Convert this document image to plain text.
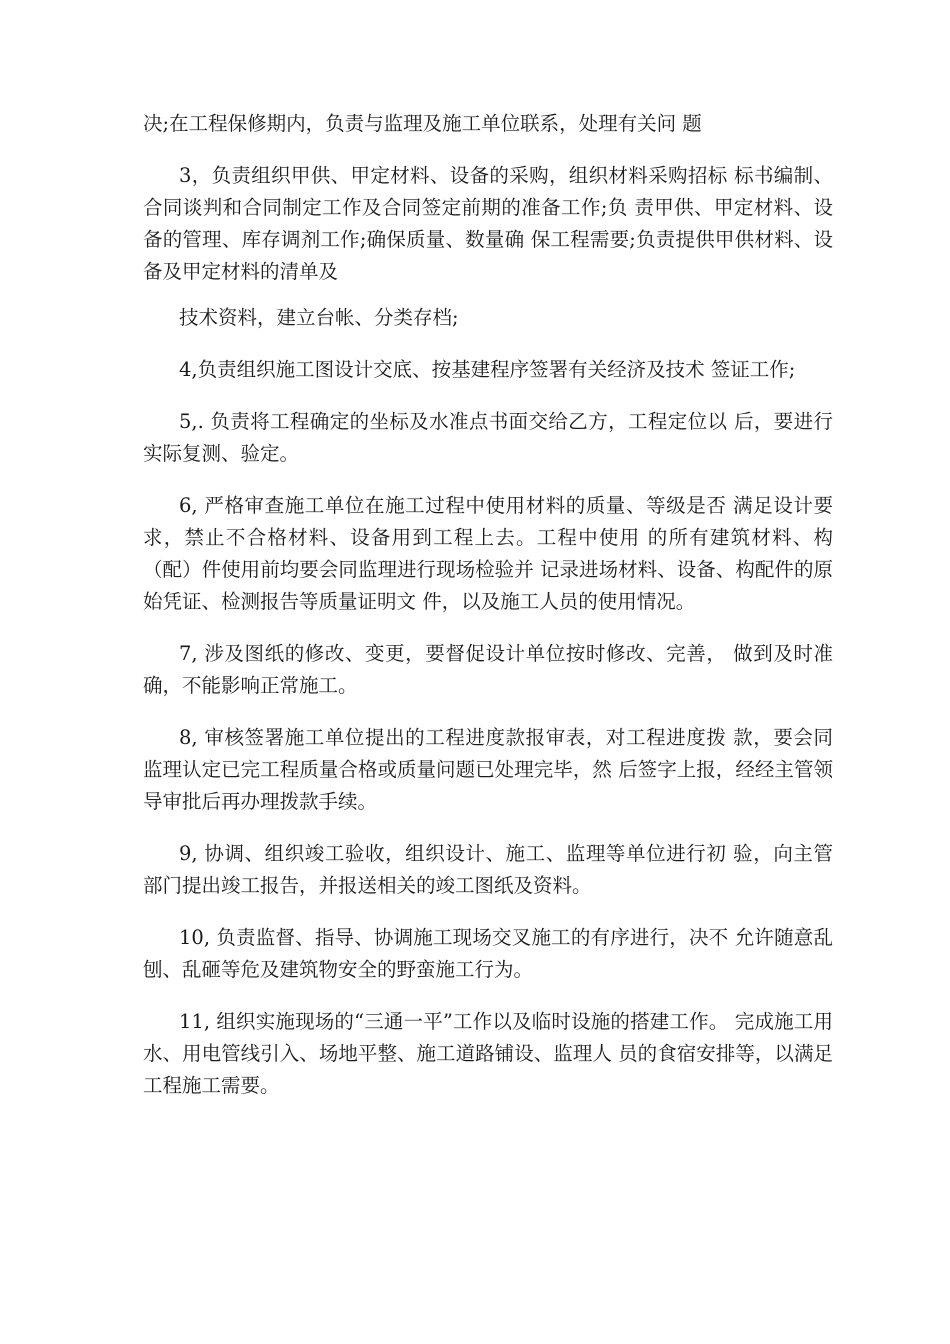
决;在工程保修期内，负责与监理及施工单位联系，处理有关问 题

3，负责组织甲供、甲定材料、设备的采购，组织材料采购招标 标书编制、合同谈判和合同制定工作及合同签定前期的准备工作;负 责甲供、甲定材料、设备的管理、库存调剂工作;确保质量、数量确 保工程需要;负责提供甲供材料、设备及甲定材料的清单及

技术资料，建立台帐、分类存档;

4,负责组织施工图设计交底、按基建程序签署有关经济及技术 签证工作;

5,. 负责将工程确定的坐标及水准点书面交给乙方，工程定位以 后，要进行实际复测、验定。

6, 严格审查施工单位在施工过程中使用材料的质量、等级是否 满足设计要求，禁止不合格材料、设备用到工程上去。工程中使用 的所有建筑材料、构（配）件使用前均要会同监理进行现场检验并 记录进场材料、设备、构配件的原始凭证、检测报告等质量证明文 件，以及施工人员的使用情况。

7, 涉及图纸的修改、变更，要督促设计单位按时修改、完善， 做到及时准确，不能影响正常施工。

8, 审核签署施工单位提出的工程进度款报审表，对工程进度拨 款，要会同监理认定已完工程质量合格或质量问题已处理完毕，然 后签字上报，经经主管领导审批后再办理拨款手续。

9, 协调、组织竣工验收，组织设计、施工、监理等单位进行初 验，向主管部门提出竣工报告，并报送相关的竣工图纸及资料。

10, 负责监督、指导、协调施工现场交叉施工的有序进行，决不 允许随意乱刨、乱砸等危及建筑物安全的野蛮施工行为。

11, 组织实施现场的“三通一平”工作以及临时设施的搭建工作。 完成施工用水、用电管线引入、场地平整、施工道路铺设、监理人 员的食宿安排等，以满足工程施工需要。
